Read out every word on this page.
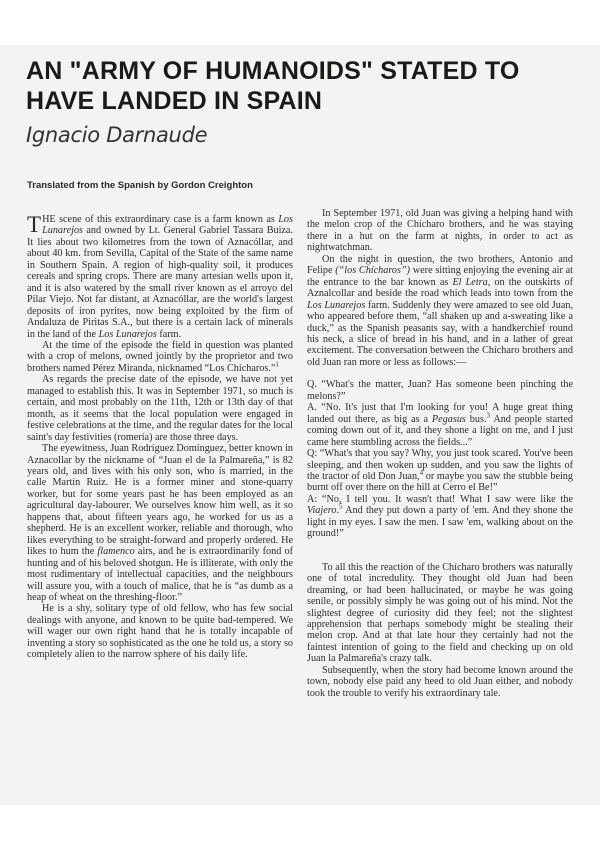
AN "ARMY OF HUMANOIDS" STATED TO HAVE LANDED IN SPAIN
Ignacio Darnaude

Translated from the Spanish by Gordon Creighton

THE scene of this extraordinary case is a farm known as Los Lunarejos and owned by Lt. General Gabriel Tassara Buiza. It lies about two kilometres from the town of Aznacóllar, and about 40 km. from Sevilla, Capital of the State of the same name in Southern Spain. A region of high-quality soil, it produces cereals and spring crops. There are many artesian wells upon it, and it is also watered by the small river known as el arroyo del Pilar Viejo. Not far distant, at Aznacóllar, are the world's largest deposits of iron pyrites, now being exploited by the firm of Andaluza de Piritas S.A., but there is a certain lack of minerals in the land of the Los Lunarejos farm.

At the time of the episode the field in question was planted with a crop of melons, owned jointly by the proprietor and two brothers named Pérez Miranda, nicknamed “Los Chícharos.”$^1$

As regards the precise date of the episode, we have not yet managed to establish this. It was in September 1971, so much is certain, and most probably on the 11th, 12th or 13th day of that month, as it seems that the local population were engaged in festive celebrations at the time, and the regular dates for the local saint's day festivities (romería) are those three days.

The eyewitness, Juan Rodríguez Domínguez, better known in Aznacollar by the nickname of “Juan el de la Palmareña,” is 82 years old, and lives with his only son, who is married, in the calle Martín Ruiz. He is a former miner and stone-quarry worker, but for some years past he has been employed as an agricultural day-labourer. We ourselves know him well, as it so happens that, about fifteen years ago, he worked for us as a shepherd. He is an excellent worker, reliable and thorough, who likes everything to be straight-forward and properly ordered. He likes to hum the flamenco airs, and he is extraordinarily fond of hunting and of his beloved shotgun. He is illiterate, with only the most rudimentary of intellectual capacities, and the neighbours will assure you, with a touch of malice, that he is “as dumb as a heap of wheat on the threshing-floor.”

He is a shy, solitary type of old fellow, who has few social dealings with anyone, and known to be quite bad-tempered. We will wager our own right hand that he is totally incapable of inventing a story so sophisticated as the one he told us, a story so completely alien to the narrow sphere of his daily life.

In September 1971, old Juan was giving a helping hand with the melon crop of the Chícharo brothers, and he was staying there in a hut on the farm at nights, in order to act as nightwatchman.

On the night in question, the two brothers, Antonio and Felipe (“los Chícharos”) were sitting enjoying the evening air at the entrance to the bar known as El Letra, on the outskirts of Aznalcollar and beside the road which leads into town from the Los Lunarejos farm. Suddenly they were amazed to see old Juan, who appeared before them, “all shaken up and a-sweating like a duck,” as the Spanish peasants say, with a handkerchief round his neck, a slice of bread in his hand, and in a lather of great excitement. The conversation between the Chícharo brothers and old Juan ran more or less as follows:—

Q. “What's the matter, Juan? Has someone been pinching the melons?”

A. “No. It's just that I'm looking for you! A huge great thing landed out there, as big as a Pegasus bus.$^3$ And people started coming down out of it, and they shone a light on me, and I just came here stumbling across the fields...”

Q: “What's that you say? Why, you just took scared. You've been sleeping, and then woken up sudden, and you saw the lights of the tractor of old Don Juan,$^4$ or maybe you saw the stubble being burnt off over there on the hill at Cerro el Be!”

A: “No, I tell you. It wasn't that! What I saw were like the Viajero.$^5$ And they put down a party of 'em. And they shone the light in my eyes. I saw the men. I saw 'em, walking about on the ground!”

To all this the reaction of the Chícharo brothers was naturally one of total incredulity. They thought old Juan had been dreaming, or had been hallucinated, or maybe he was going senile, or possibly simply he was going out of his mind. Not the slightest degree of curiosity did they feel; not the slightest apprehension that perhaps somebody might be stealing their melon crop. And at that late hour they certainly had not the faintest intention of going to the field and checking up on old Juan la Palmareña's crazy talk.

Subsequently, when the story had become known around the town, nobody else paid any heed to old Juan either, and nobody took the trouble to verify his extraordinary tale.
